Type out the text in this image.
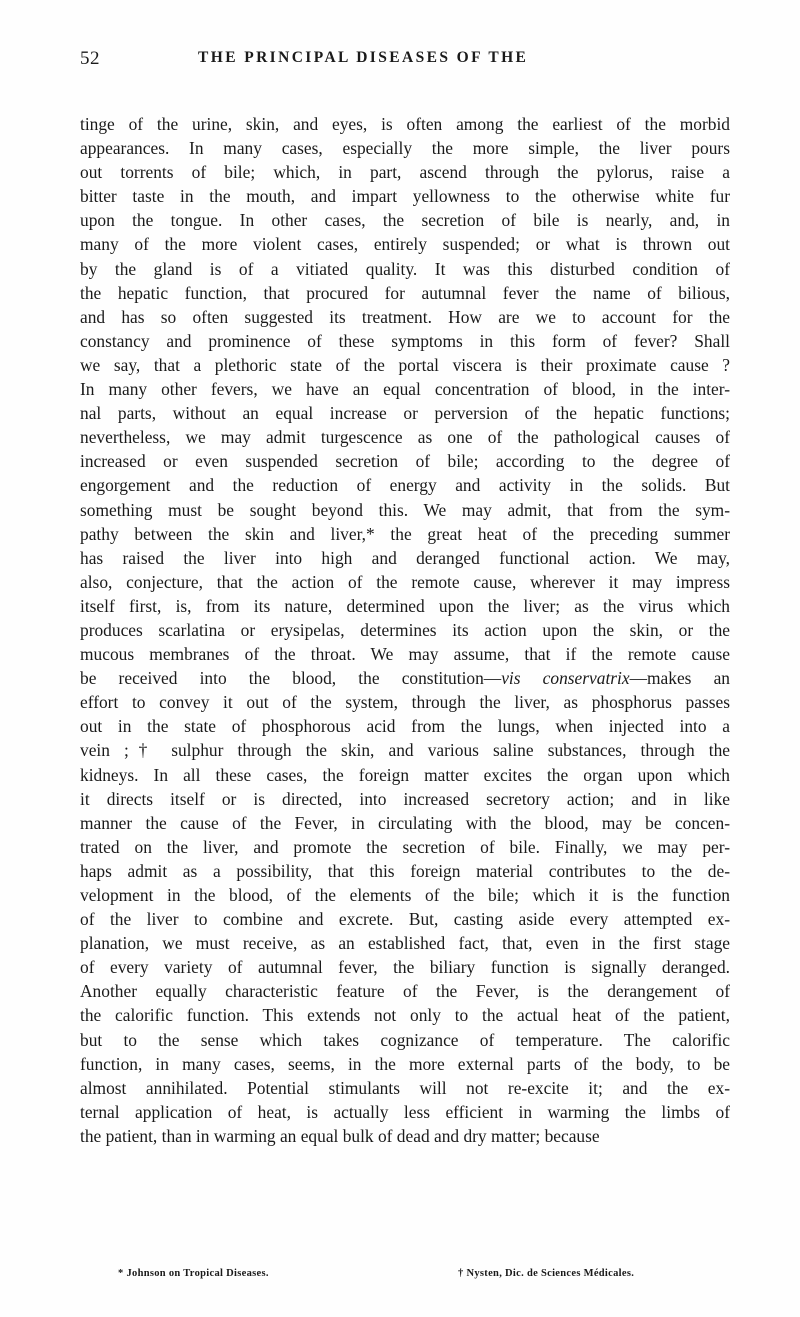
52	THE PRINCIPAL DISEASES OF THE
tinge of the urine, skin, and eyes, is often among the earliest of the morbid
appearances. In many cases, especially the more simple, the liver pours
out torrents of bile; which, in part, ascend through the pylorus, raise a
bitter taste in the mouth, and impart yellowness to the otherwise white fur
upon the tongue. In other cases, the secretion of bile is nearly, and, in
many of the more violent cases, entirely suspended; or what is thrown out
by the gland is of a vitiated quality. It was this disturbed condition of
the hepatic function, that procured for autumnal fever the name of bilious,
and has so often suggested its treatment. How are we to account for the
constancy and prominence of these symptoms in this form of fever? Shall
we say, that a plethoric state of the portal viscera is their proximate cause ?
In many other fevers, we have an equal concentration of blood, in the inter-
nal parts, without an equal increase or perversion of the hepatic functions;
nevertheless, we may admit turgescence as one of the pathological causes of
increased or even suspended secretion of bile; according to the degree of
engorgement and the reduction of energy and activity in the solids. But
something must be sought beyond this. We may admit, that from the sym-
pathy between the skin and liver,* the great heat of the preceding summer
has raised the liver into high and deranged functional action. We may,
also, conjecture, that the action of the remote cause, wherever it may impress
itself first, is, from its nature, determined upon the liver; as the virus which
produces scarlatina or erysipelas, determines its action upon the skin, or the
mucous membranes of the throat. We may assume, that if the remote cause
be received into the blood, the constitution—vis conservatrix—makes an
effort to convey it out of the system, through the liver, as phosphorus passes
out in the state of phosphorous acid from the lungs, when injected into a
vein ;† sulphur through the skin, and various saline substances, through the
kidneys. In all these cases, the foreign matter excites the organ upon which
it directs itself or is directed, into increased secretory action; and in like
manner the cause of the Fever, in circulating with the blood, may be concen-
trated on the liver, and promote the secretion of bile. Finally, we may per-
haps admit as a possibility, that this foreign material contributes to the de-
velopment in the blood, of the elements of the bile; which it is the function
of the liver to combine and excrete. But, casting aside every attempted ex-
planation, we must receive, as an established fact, that, even in the first stage
of every variety of autumnal fever, the biliary function is signally deranged.
Another equally characteristic feature of the Fever, is the derangement of
the calorific function. This extends not only to the actual heat of the patient,
but to the sense which takes cognizance of temperature. The calorific
function, in many cases, seems, in the more external parts of the body, to be
almost annihilated. Potential stimulants will not re-excite it; and the ex-
ternal application of heat, is actually less efficient in warming the limbs of
the patient, than in warming an equal bulk of dead and dry matter; because
* Johnson on Tropical Diseases.	† Nysten, Dic. de Sciences Médicales.
